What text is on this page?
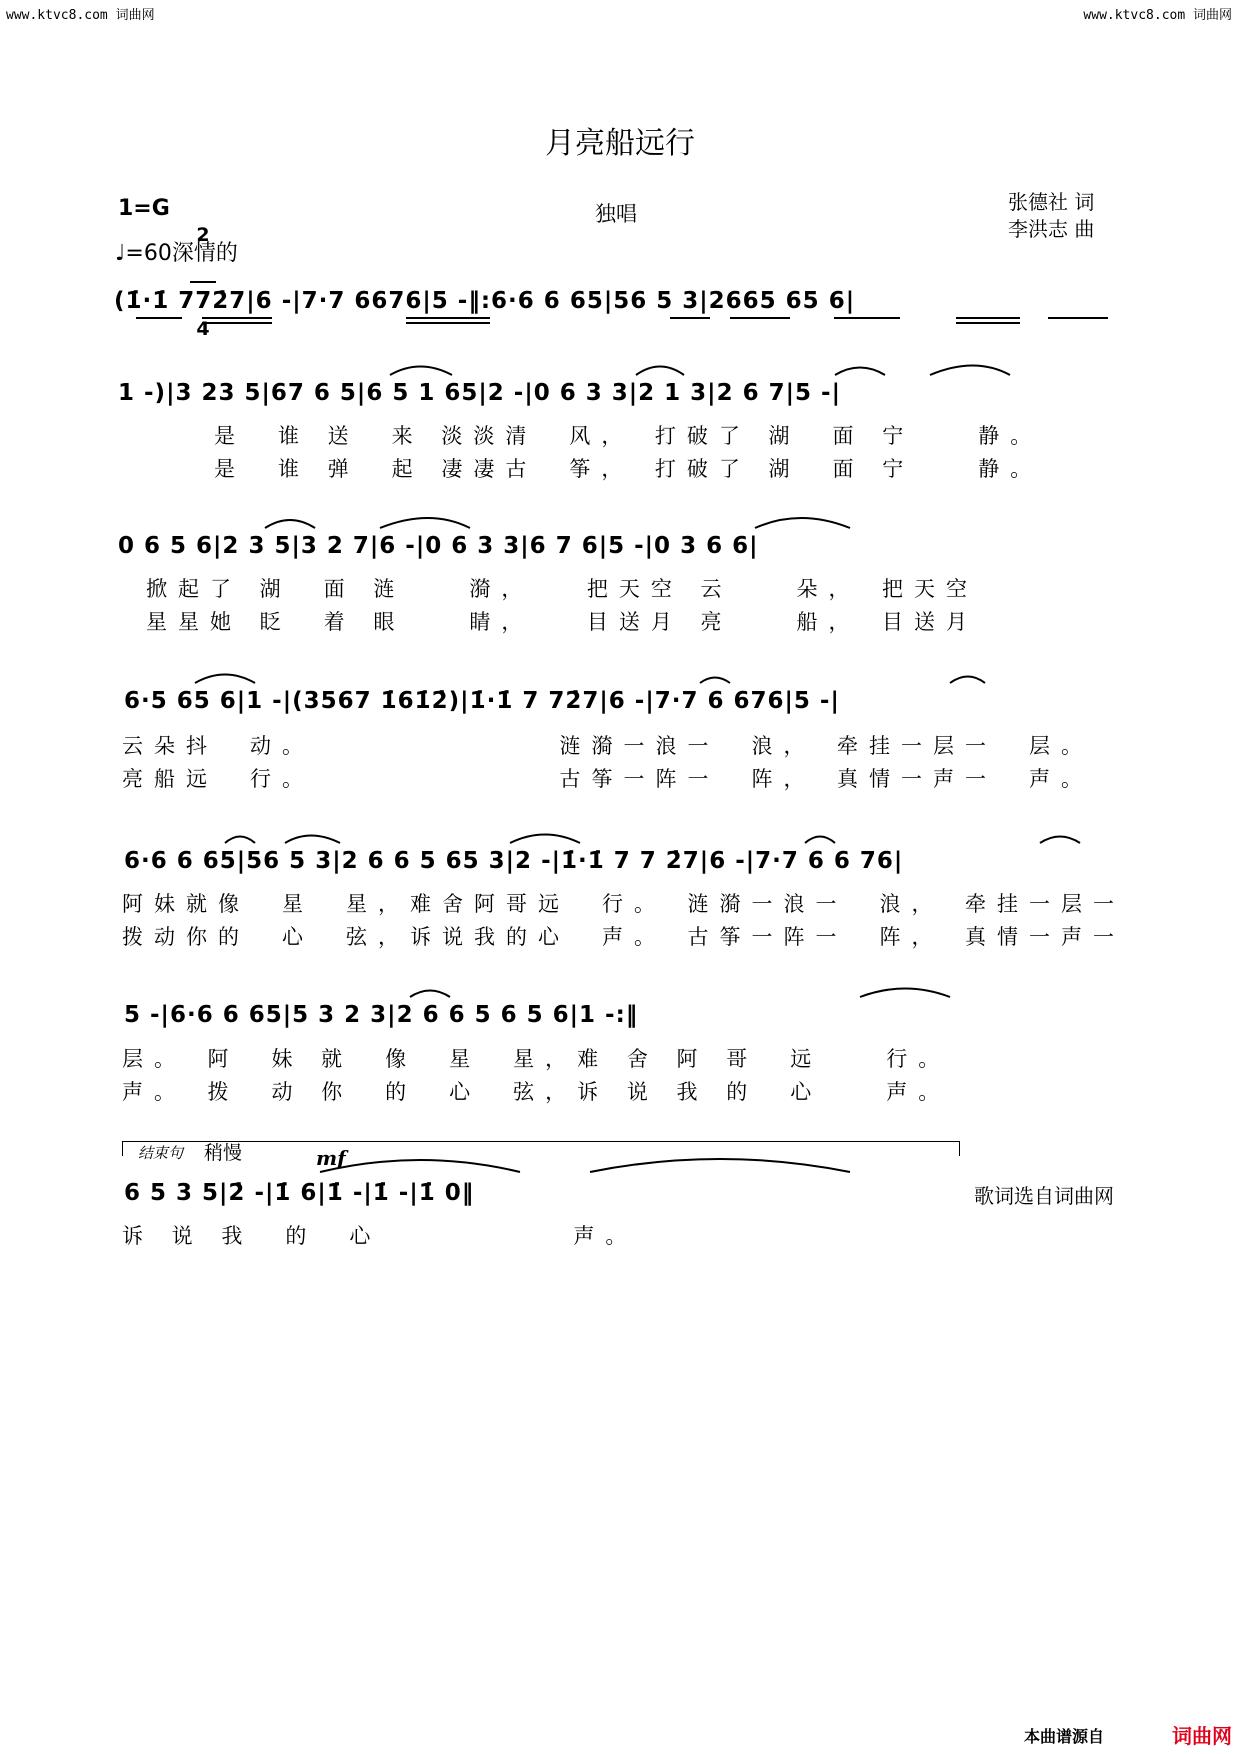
www.ktvc8.com 词曲网	www.ktvc8.com 词曲网
月亮船远行
1=G

2

4

♩=60深情的
独唱	张德社 词
李洪志 曲
(1̇·1̇ 772̇7|6 -|7·7 6676|5 -‖:6·6 6 65|56 5 3|2665 65 6|
1 -)|3 23 5|67 6 5|6 5 1 65|2 -|0 6 3 3|2 1 3|2 6 7|5 -|
是　谁 送　来 淡淡清　风，　打破了 湖　面 宁　　静。
是　谁 弹　起 凄凄古　筝，　打破了 湖　面 宁　　静。
0 6 5 6|2 3 5|3 2 7|6 -|0 6 3 3|6 7 6|5 -|0 3 6 6|
掀起了 湖　面 涟　　漪，　　把天空 云　　朵，　把天空
星星她 眨　着 眼　　睛，　　目送月 亮　　船，　目送月
6·5 65 6|1 -|(3567 1̇61̇2̇)|1̇·1̇ 7 72̇7|6 -|7·7 6 676|5 -|
云朵抖　动。　　　　　　　　涟漪一浪一　浪，　牵挂一层一　层。
亮船远　行。　　　　　　　　古筝一阵一　阵，　真情一声一　声。
6·6 6 65|56 5 3|2 6 6 5 65 3|2 -|1̇·1̇ 7 7 2̇7|6 -|7·7 6 6 76|
阿妹就像　星　星，难舍阿哥远　行。　涟漪一浪一　浪，　牵挂一层一
拨动你的　心　弦，诉说我的心　声。　古筝一阵一　阵，　真情一声一
5 -|6·6 6 65|5 3 2 3|2 6 6 5 6 5 6|1 -:‖
层。　阿　妹 就　像　星　星，难 舍 阿 哥　远　　行。
声。　拨　动 你　的　心　弦，诉 说 我 的　心　　声。
结束句 稍慢	mf
6 5 3 5|2̇ -|1̇ 6|1̇ -|1̇ -|1̇ 0‖	歌词选自词曲网
诉 说 我　的　心　　　　　　声。
本曲谱源自	词曲网
